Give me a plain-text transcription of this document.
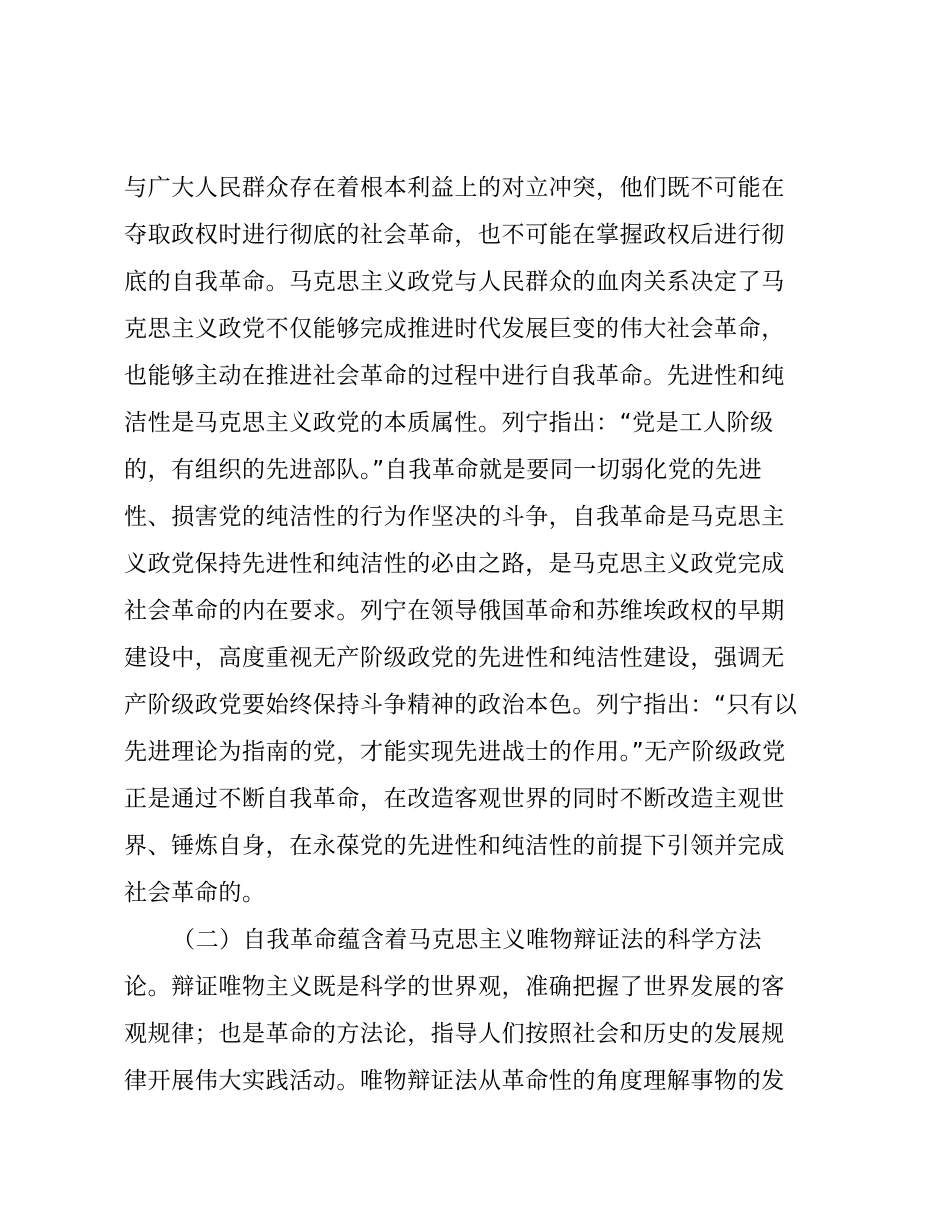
与广大人民群众存在着根本利益上的对立冲突，他们既不可能在
夺取政权时进行彻底的社会革命，也不可能在掌握政权后进行彻
底的自我革命。马克思主义政党与人民群众的血肉关系决定了马
克思主义政党不仅能够完成推进时代发展巨变的伟大社会革命，
也能够主动在推进社会革命的过程中进行自我革命。先进性和纯
洁性是马克思主义政党的本质属性。列宁指出：“党是工人阶级
的，有组织的先进部队。”自我革命就是要同一切弱化党的先进
性、损害党的纯洁性的行为作坚决的斗争，自我革命是马克思主
义政党保持先进性和纯洁性的必由之路，是马克思主义政党完成
社会革命的内在要求。列宁在领导俄国革命和苏维埃政权的早期
建设中，高度重视无产阶级政党的先进性和纯洁性建设，强调无
产阶级政党要始终保持斗争精神的政治本色。列宁指出：“只有以
先进理论为指南的党，才能实现先进战士的作用。”无产阶级政党
正是通过不断自我革命，在改造客观世界的同时不断改造主观世
界、锤炼自身，在永葆党的先进性和纯洁性的前提下引领并完成
社会革命的。
（二）自我革命蕴含着马克思主义唯物辩证法的科学方法
论。辩证唯物主义既是科学的世界观，准确把握了世界发展的客
观规律；也是革命的方法论，指导人们按照社会和历史的发展规
律开展伟大实践活动。唯物辩证法从革命性的角度理解事物的发
